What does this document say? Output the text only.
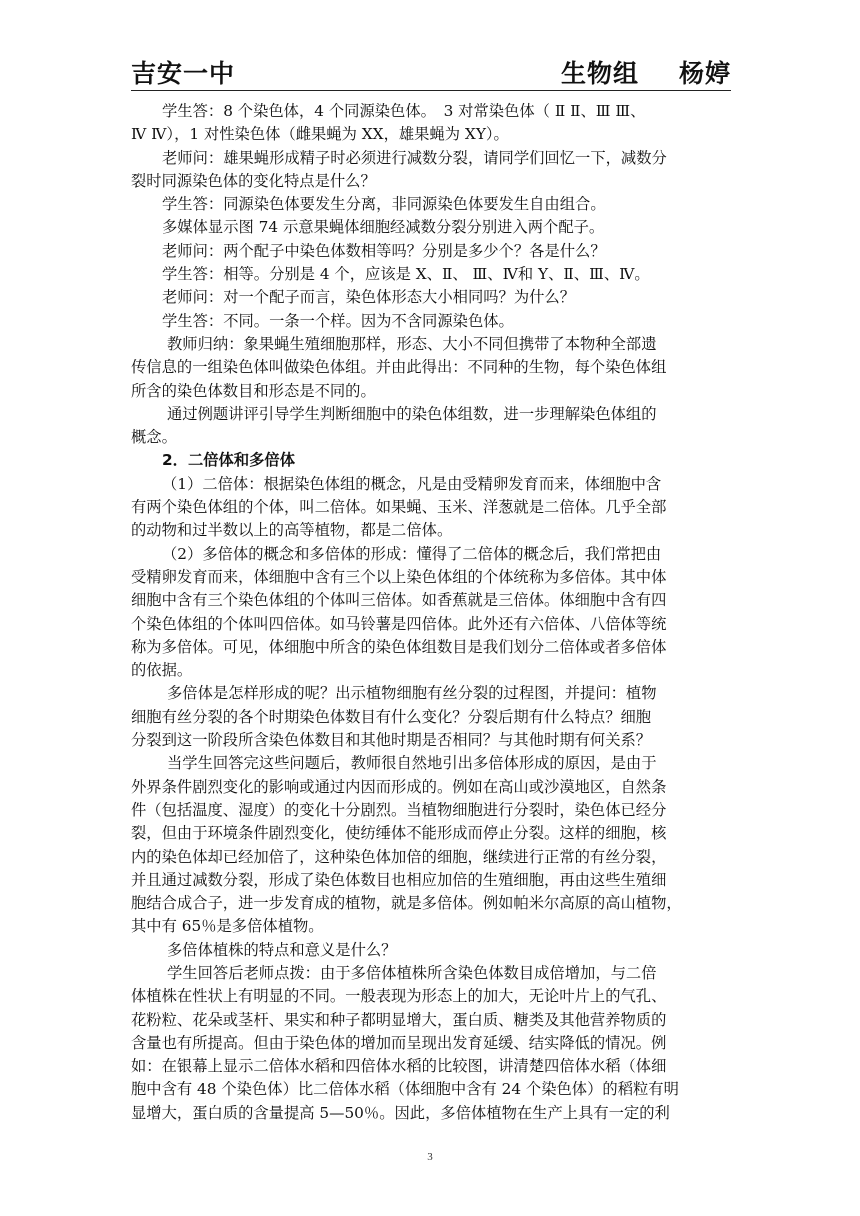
吉安一中	生物组 杨婷

学生答：8 个染色体，4 个同源染色体。　3 对常染色体（ Ⅱ Ⅱ、Ⅲ Ⅲ、

Ⅳ Ⅳ），1 对性染色体（雌果蝇为 XX，雄果蝇为 XY）。

老师问：雄果蝇形成精子时必须进行减数分裂，请同学们回忆一下，减数分

裂时同源染色体的变化特点是什么？

学生答：同源染色体要发生分离，非同源染色体要发生自由组合。

多媒体显示图 74 示意果蝇体细胞经减数分裂分别进入两个配子。

老师问：两个配子中染色体数相等吗？分别是多少个？各是什么？

学生答：相等。分别是 4 个，应该是 X、Ⅱ、 Ⅲ、Ⅳ和 Y、Ⅱ、Ⅲ、Ⅳ。

老师问：对一个配子而言，染色体形态大小相同吗？为什么？

学生答：不同。一条一个样。因为不含同源染色体。

教师归纳：象果蝇生殖细胞那样，形态、大小不同但携带了本物种全部遗

传信息的一组染色体叫做染色体组。并由此得出：不同种的生物，每个染色体组

所含的染色体数目和形态是不同的。

通过例题讲评引导学生判断细胞中的染色体组数，进一步理解染色体组的

概念。

2．二倍体和多倍体

（1）二倍体：根据染色体组的概念，凡是由受精卵发育而来，体细胞中含

有两个染色体组的个体，叫二倍体。如果蝇、玉米、洋葱就是二倍体。几乎全部

的动物和过半数以上的高等植物，都是二倍体。

（2）多倍体的概念和多倍体的形成：懂得了二倍体的概念后，我们常把由

受精卵发育而来，体细胞中含有三个以上染色体组的个体统称为多倍体。其中体

细胞中含有三个染色体组的个体叫三倍体。如香蕉就是三倍体。体细胞中含有四

个染色体组的个体叫四倍体。如马铃薯是四倍体。此外还有六倍体、八倍体等统

称为多倍体。可见，体细胞中所含的染色体组数目是我们划分二倍体或者多倍体

的依据。

多倍体是怎样形成的呢？出示植物细胞有丝分裂的过程图，并提问：植物

细胞有丝分裂的各个时期染色体数目有什么变化？分裂后期有什么特点？细胞

分裂到这一阶段所含染色体数目和其他时期是否相同？与其他时期有何关系？

当学生回答完这些问题后，教师很自然地引出多倍体形成的原因，是由于

外界条件剧烈变化的影响或通过内因而形成的。例如在高山或沙漠地区，自然条

件（包括温度、湿度）的变化十分剧烈。当植物细胞进行分裂时，染色体已经分

裂，但由于环境条件剧烈变化，使纺缍体不能形成而停止分裂。这样的细胞，核

内的染色体却已经加倍了，这种染色体加倍的细胞，继续进行正常的有丝分裂，

并且通过减数分裂，形成了染色体数目也相应加倍的生殖细胞，再由这些生殖细

胞结合成合子，进一步发育成的植物，就是多倍体。例如帕米尔高原的高山植物，

其中有 65％是多倍体植物。

多倍体植株的特点和意义是什么？

学生回答后老师点拨：由于多倍体植株所含染色体数目成倍增加，与二倍

体植株在性状上有明显的不同。一般表现为形态上的加大，无论叶片上的气孔、

花粉粒、花朵或茎杆、果实和种子都明显增大，蛋白质、糖类及其他营养物质的

含量也有所提高。但由于染色体的增加而呈现出发育延缓、结实降低的情况。例

如：在银幕上显示二倍体水稻和四倍体水稻的比较图，讲清楚四倍体水稻（体细

胞中含有 48 个染色体）比二倍体水稻（体细胞中含有 24 个染色体）的稻粒有明

显增大，蛋白质的含量提高 5—50％。因此，多倍体植物在生产上具有一定的利

3
